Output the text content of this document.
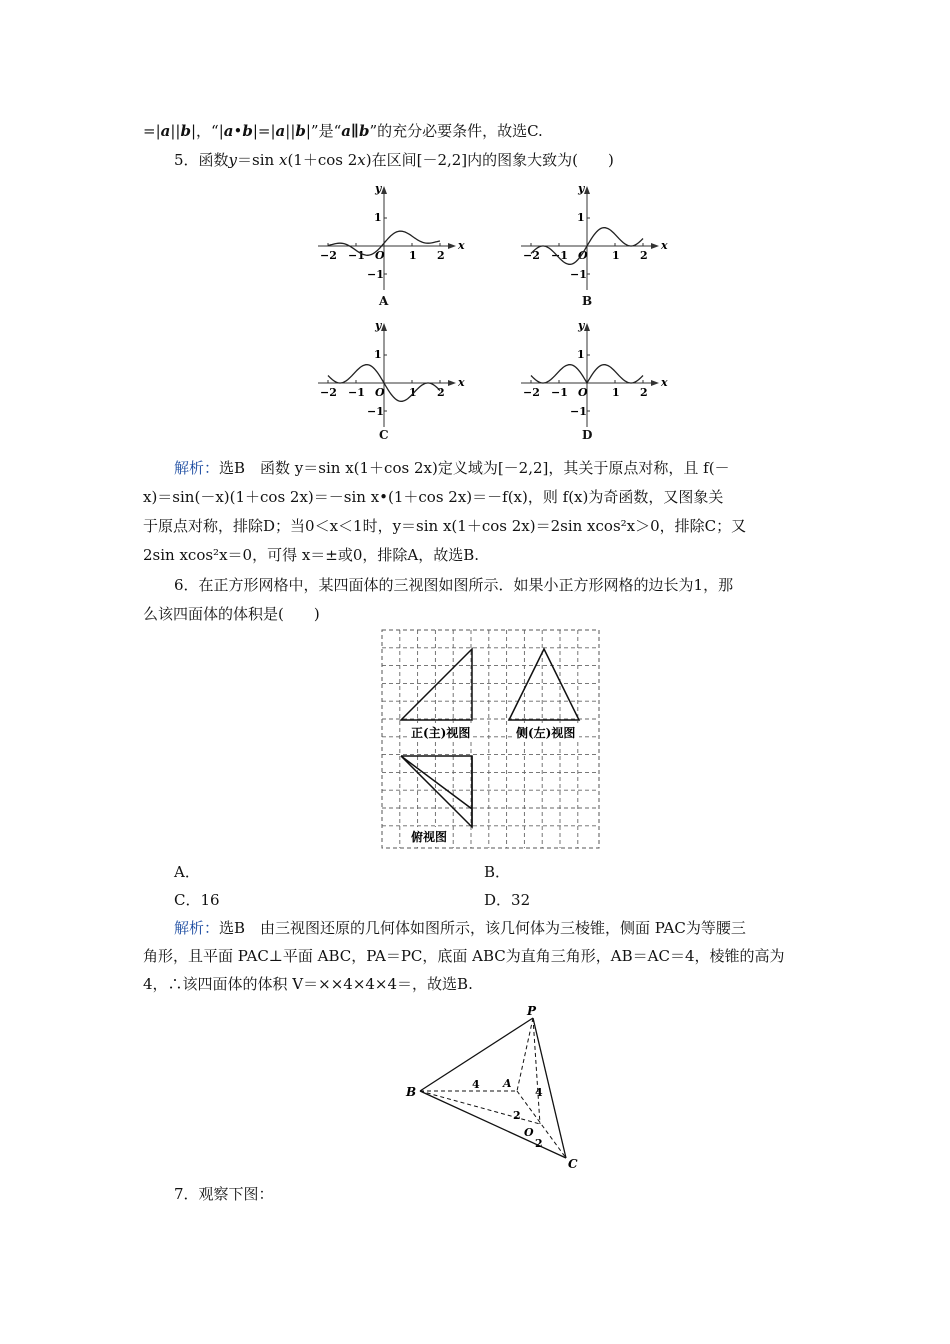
=|a||b|，“|a•b|=|a||b|”是“a∥b”的充分必要条件，故选C.
5．函数y＝sin x(1＋cos 2x)在区间[－2,2]内的图象大致为(　　)
y
x
1
−1
O
−2 −1	1 2
y
x
1
−1
O
−2 −1	1 2
y
x
1
−1
O
−2 −1	1 2
y
x
1
−1
O
−2 −1	1 2
A	B
C	D
解析：选B　函数 y＝sin x(1＋cos 2x)定义域为[－2,2]，其关于原点对称，且 f(－
x)＝sin(－x)(1＋cos 2x)＝－sin x•(1＋cos 2x)＝－f(x)，则 f(x)为奇函数，又图象关
于原点对称，排除D；当0＜x＜1时，y＝sin x(1＋cos 2x)＝2sin xcos²x＞0，排除C；又
2sin xcos²x＝0，可得 x＝±或0，排除A，故选B.
6．在正方形网格中，某四面体的三视图如图所示．如果小正方形网格的边长为1，那
么该四面体的体积是(　　)
正(主)视图	侧(左)视图
俯视图
A．	B．
C．16	D．32
解析：选B　由三视图还原的几何体如图所示，该几何体为三棱锥，侧面 PAC为等腰三
角形，且平面 PAC⊥平面 ABC，PA＝PC，底面 ABC为直角三角形，AB＝AC＝4，棱锥的高为
4，∴该四面体的体积 V＝××4×4×4＝，故选B.
P
B
C
A
O
4
4
2
2
7．观察下图：
